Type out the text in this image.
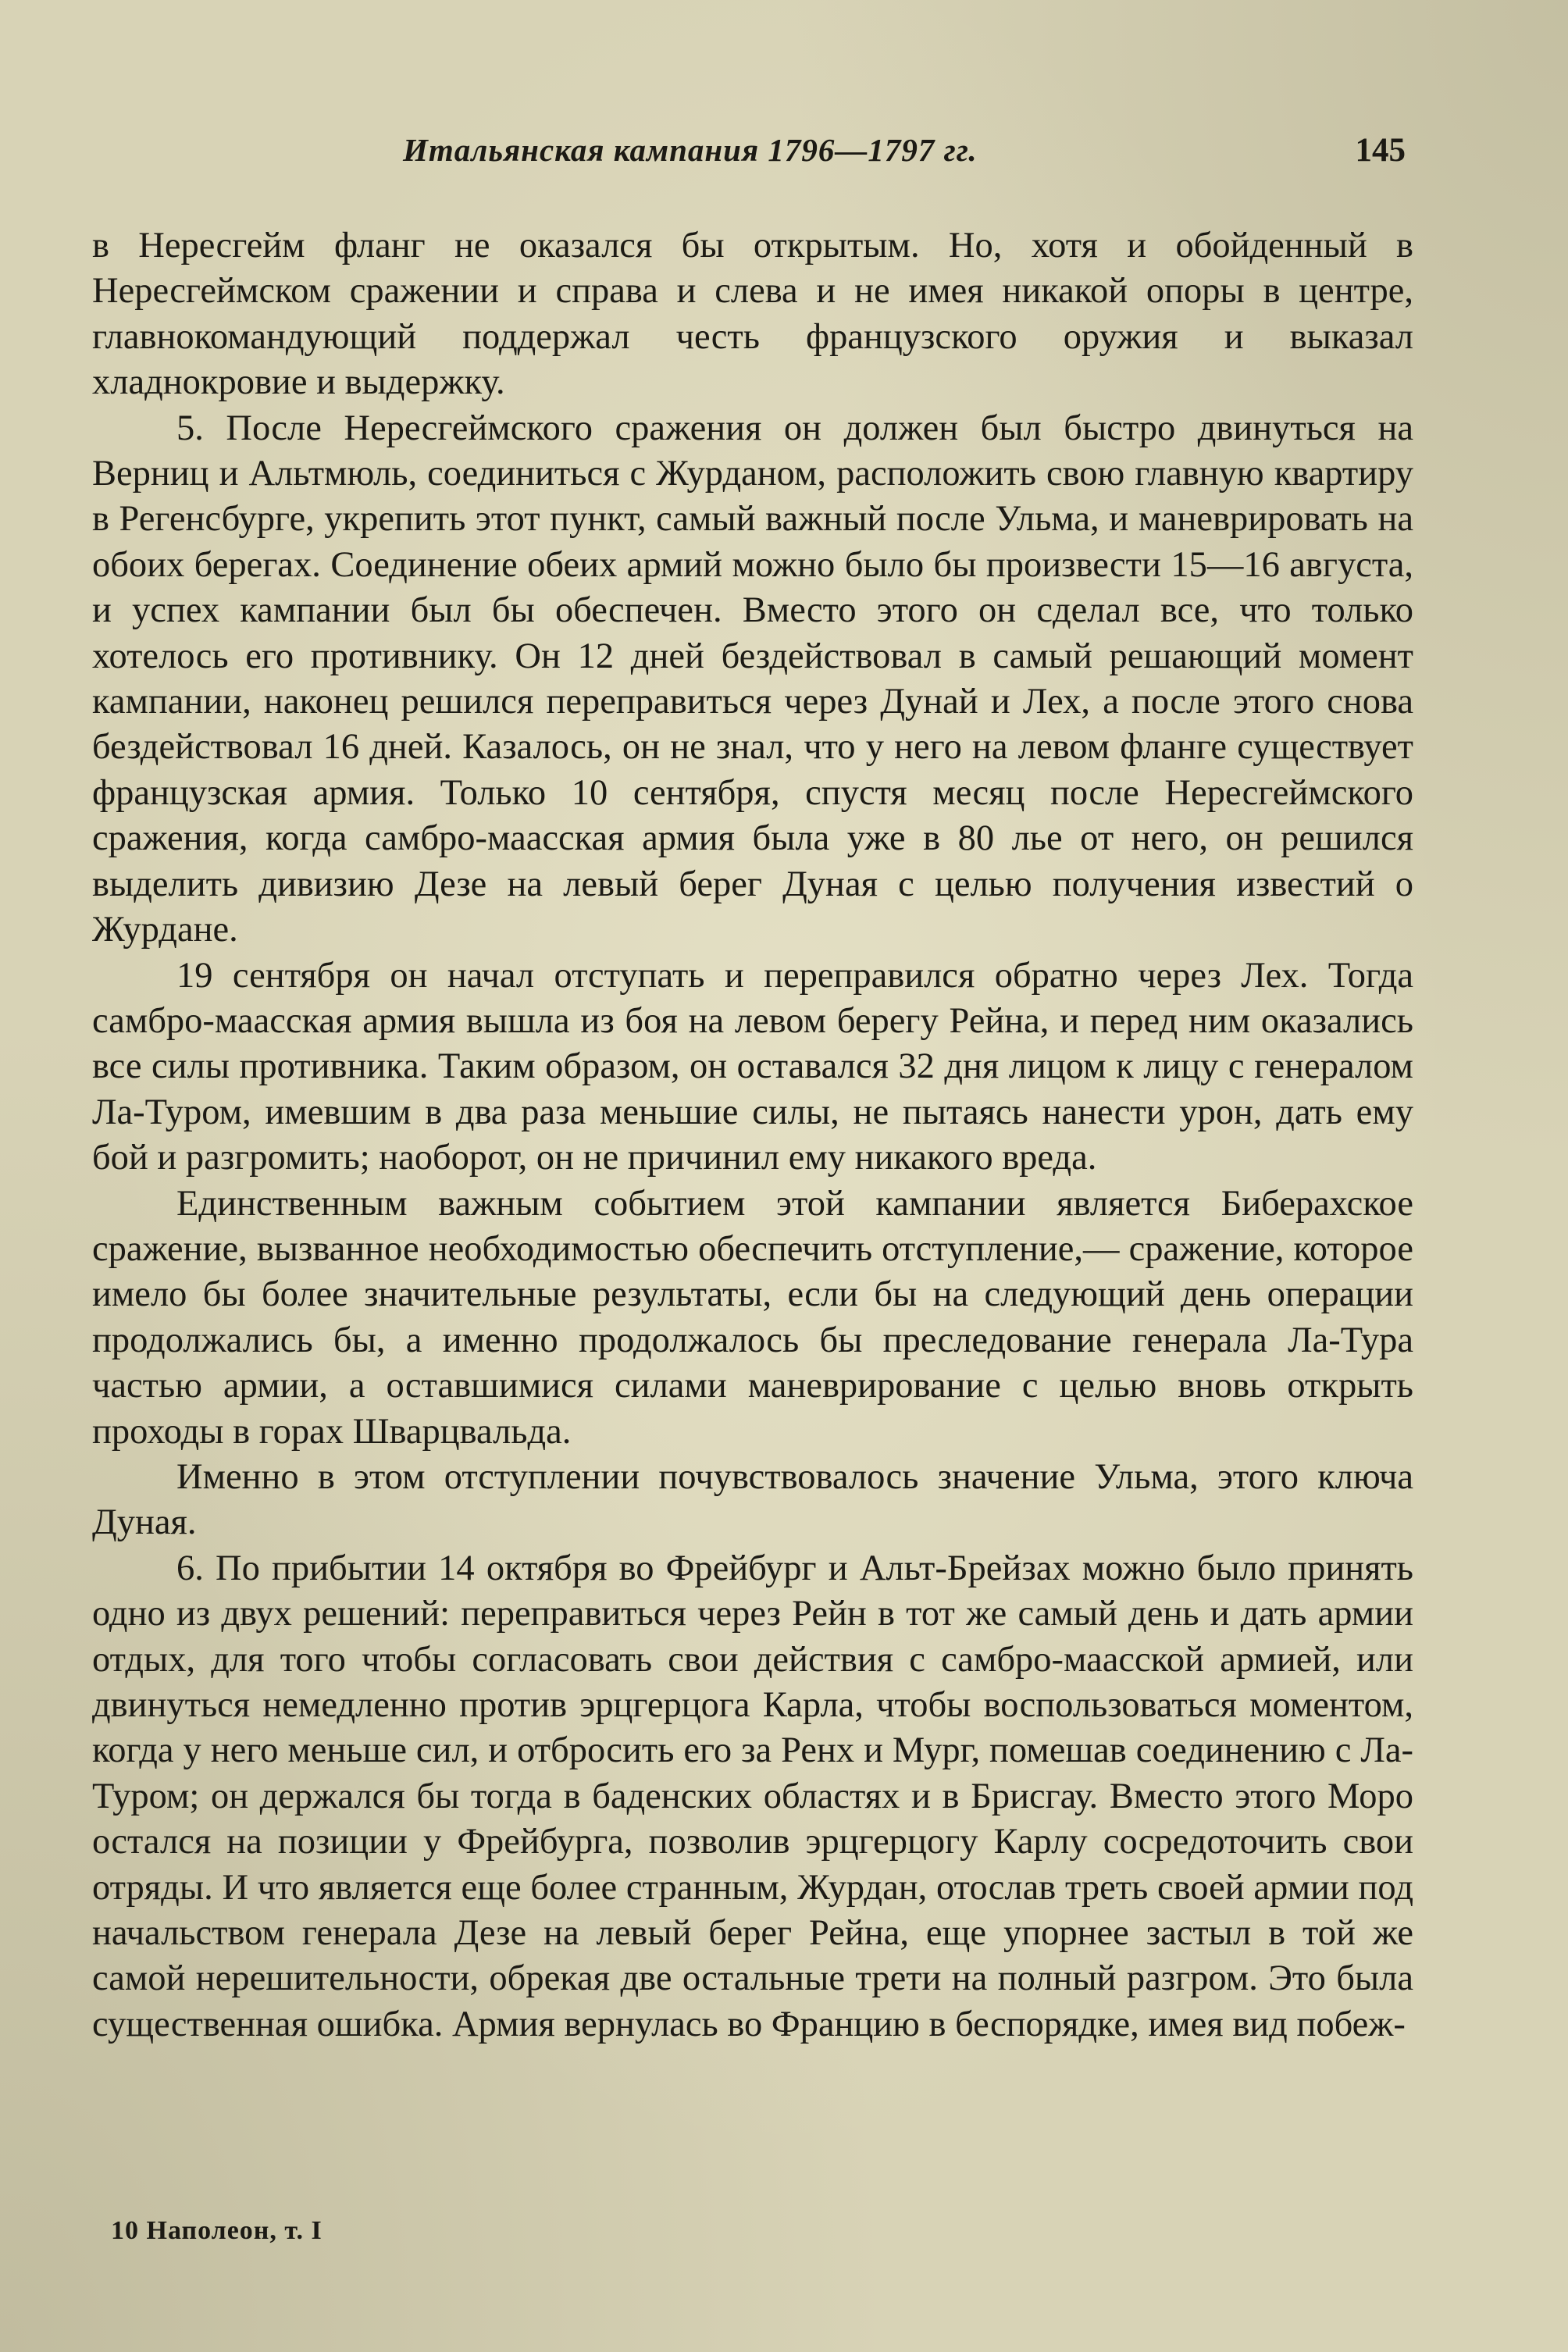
Итальянская кампания 1796—1797 гг.	145

в Нересгейм фланг не оказался бы открытым. Но, хотя и обойденный в Нересгеймском сражении и справа и слева и не имея никакой опоры в центре, главнокомандующий поддержал честь французского оружия и выказал хладнокровие и выдержку.

5. После Нересгеймского сражения он должен был быстро двинуться на Верниц и Альтмюль, соединиться с Журданом, расположить свою главную квартиру в Регенсбурге, укрепить этот пункт, самый важный после Ульма, и маневрировать на обоих берегах. Соединение обеих армий можно было бы произвести 15—16 августа, и успех кампании был бы обеспечен. Вместо этого он сделал все, что только хотелось его противнику. Он 12 дней бездействовал в самый решающий момент кампании, наконец решился переправиться через Дунай и Лех, а после этого снова бездействовал 16 дней. Казалось, он не знал, что у него на левом фланге существует французская армия. Только 10 сентября, спустя месяц после Нересгеймского сражения, когда самбро-маасская армия была уже в 80 лье от него, он решился выделить дивизию Дезе на левый берег Дуная с целью получения известий о Журдане.

19 сентября он начал отступать и переправился обратно через Лех. Тогда самбро-маасская армия вышла из боя на левом берегу Рейна, и перед ним оказались все силы противника. Таким образом, он оставался 32 дня лицом к лицу с генералом Ла-Туром, имевшим в два раза меньшие силы, не пытаясь нанести урон, дать ему бой и разгромить; наоборот, он не причинил ему никакого вреда.

Единственным важным событием этой кампании является Биберахское сражение, вызванное необходимостью обеспечить отступление,— сражение, которое имело бы более значительные результаты, если бы на следующий день операции продолжались бы, а именно продолжалось бы преследование генерала Ла-Тура частью армии, а оставшимися силами маневрирование с целью вновь открыть проходы в горах Шварцвальда.

Именно в этом отступлении почувствовалось значение Ульма, этого ключа Дуная.

6. По прибытии 14 октября во Фрейбург и Альт-Брейзах можно было принять одно из двух решений: переправиться через Рейн в тот же самый день и дать армии отдых, для того чтобы согласовать свои действия с самбро-маасской армией, или двинуться немедленно против эрцгерцога Карла, чтобы воспользоваться моментом, когда у него меньше сил, и отбросить его за Ренх и Мург, помешав соединению с Ла-Туром; он держался бы тогда в баденских областях и в Брисгау. Вместо этого Моро остался на позиции у Фрейбурга, позволив эрцгерцогу Карлу сосредоточить свои отряды. И что является еще более странным, Журдан, отослав треть своей армии под начальством генерала Дезе на левый берег Рейна, еще упорнее застыл в той же самой нерешительности, обрекая две остальные трети на полный разгром. Это была существенная ошибка. Армия вернулась во Францию в беспорядке, имея вид побеж-

10 Наполеон, т. I
